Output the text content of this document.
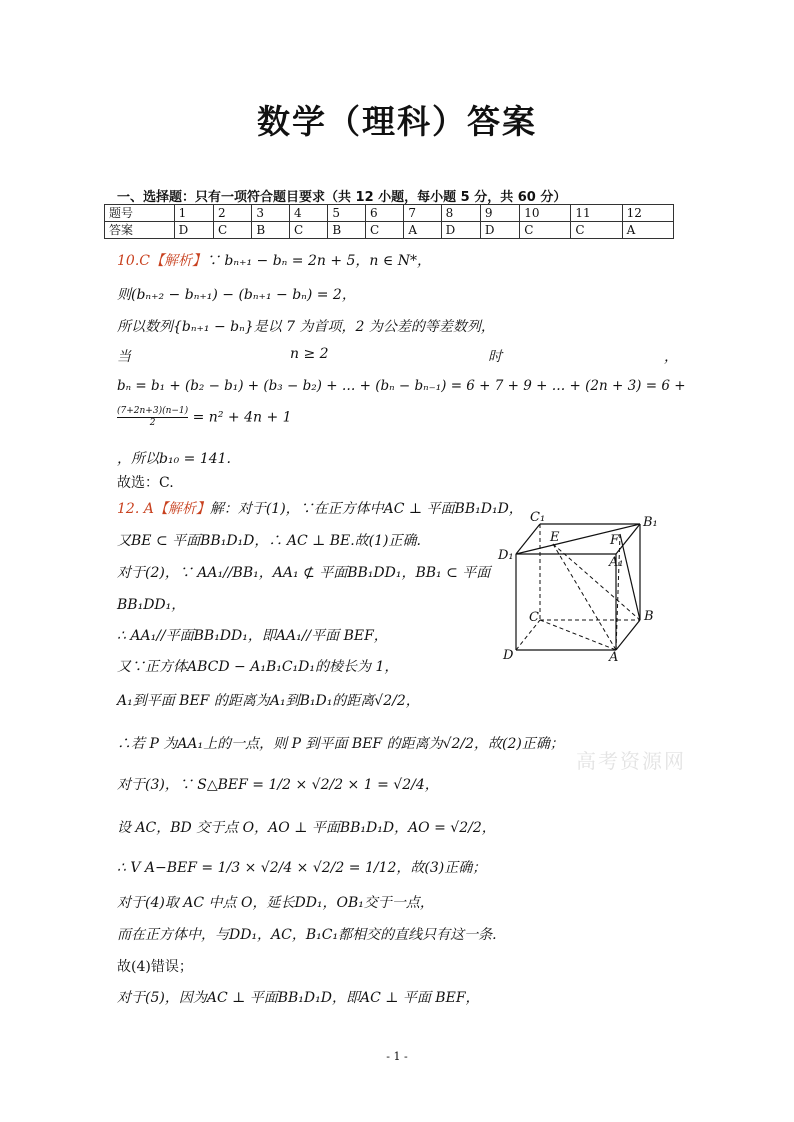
数学（理科）答案
一、选择题：只有一项符合题目要求（共 12 小题，每小题 5 分，共 60 分）
题号	1	2	3	4	5	6	7	8	9	10	11	12
答案	D	C	B	C	B	C	A	D	D	C	C	A
10.C【解析】∵ bₙ₊₁ − bₙ = 2n + 5，n ∈ N*，
则(bₙ₊₂ − bₙ₊₁) − (bₙ₊₁ − bₙ) = 2，
所以数列{bₙ₊₁ − bₙ}是以 7 为首项，2 为公差的等差数列，
当	n ≥ 2	时	，
bₙ = b₁ + (b₂ − b₁) + (b₃ − b₂) + … + (bₙ − bₙ₋₁) = 6 + 7 + 9 + … + (2n + 3) = 6 +
$\frac{(7+2n+3)(n-1)}{2} = n^2 + 4n + 1$
，所以b₁₀ = 141.
故选：C.
12. A【解析】解：对于(1)，∵在正方体中AC ⊥ 平面BB₁D₁D，
又BE ⊂ 平面BB₁D₁D，∴ AC ⊥ BE.故(1)正确.
对于(2)，∵ AA₁//BB₁，AA₁ ⊄ 平面BB₁DD₁，BB₁ ⊂ 平面
BB₁DD₁，
∴ AA₁//平面BB₁DD₁，即AA₁//平面 BEF，
又∵正方体ABCD − A₁B₁C₁D₁的棱长为 1，
A₁到平面 BEF 的距离为A₁到B₁D₁的距离√2/2，
∴若 P 为AA₁上的一点，则 P 到平面 BEF 的距离为√2/2，故(2)正确；
对于(3)，∵ S△BEF = 1/2 × √2/2 × 1 = √2/4，
设 AC，BD 交于点 O，AO ⊥ 平面BB₁D₁D，AO = √2/2，
∴ V A−BEF = 1/3 × √2/4 × √2/2 = 1/12，故(3)正确；
对于(4)取 AC 中点 O，延长DD₁，OB₁交于一点，
而在正方体中，与DD₁，AC，B₁C₁都相交的直线只有这一条.
故(4)错误；
对于(5)，因为AC ⊥ 平面BB₁D₁D，即AC ⊥ 平面 BEF，
C₁	B₁
E	F
D₁	A₁
C	B
D	A
高考资源网
- 1 -
